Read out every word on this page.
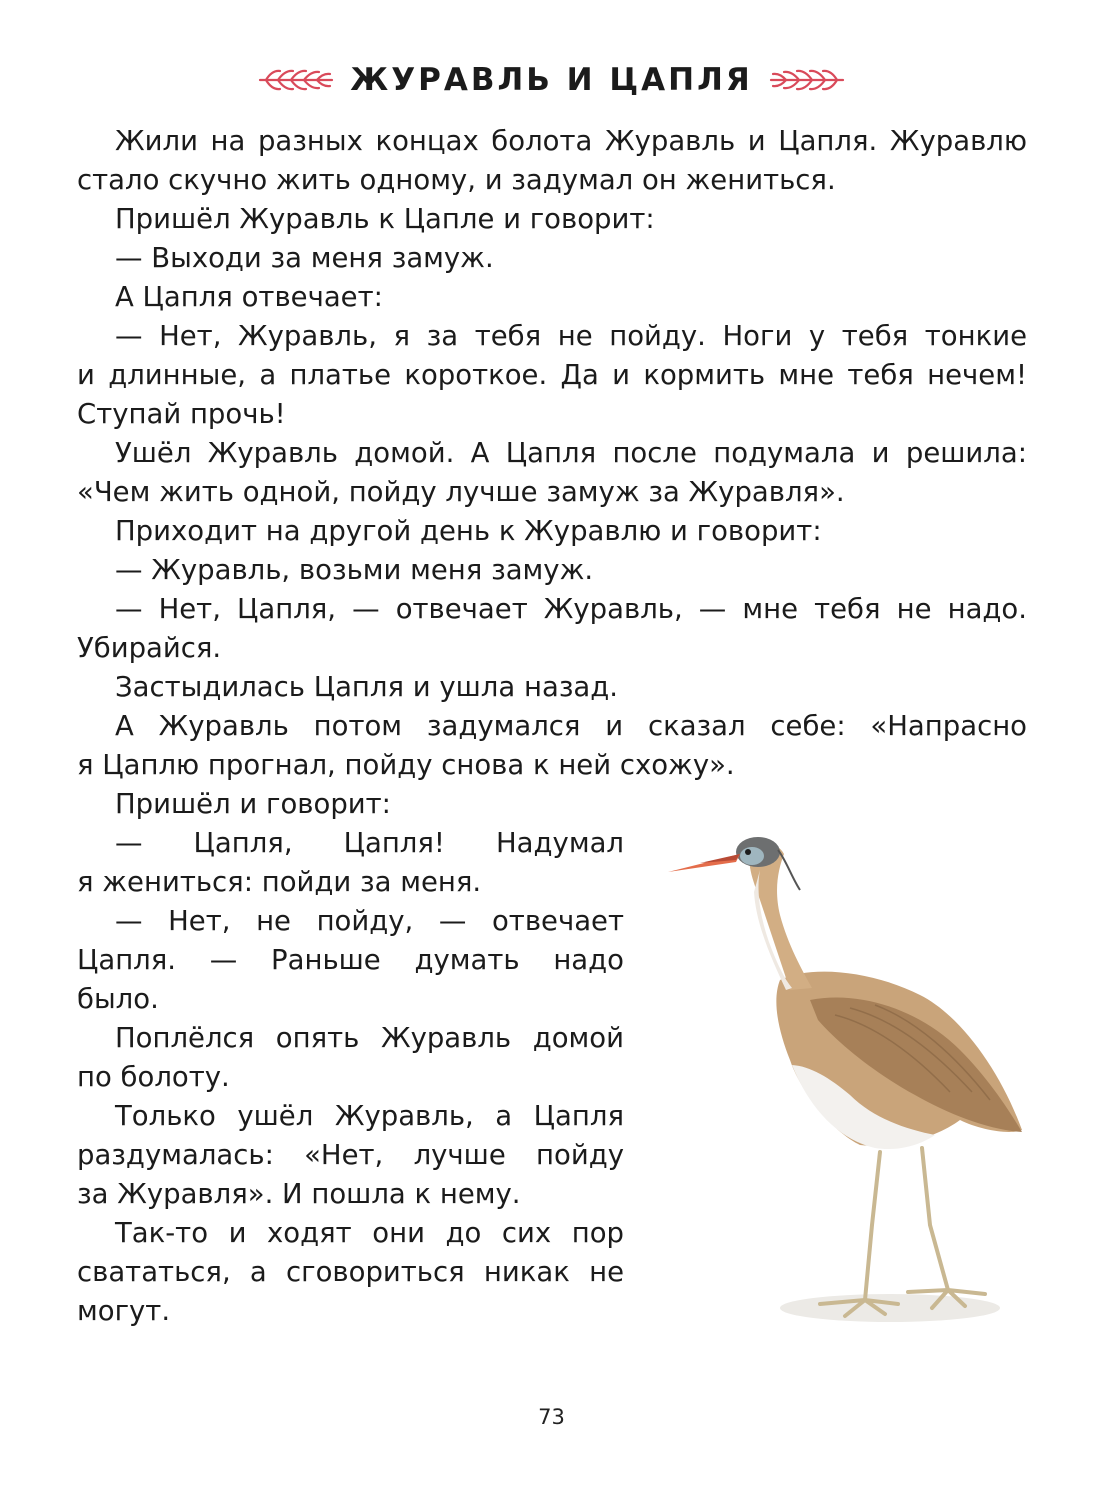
ЖУРАВЛЬ И ЦАПЛЯ
Жили на разных концах болота Журавль и Цапля. Журавлю
стало скучно жить одному, и задумал он жениться.
Пришёл Журавль к Цапле и говорит:
— Выходи за меня замуж.
А Цапля отвечает:
— Нет, Журавль, я за тебя не пойду. Ноги у тебя тонкие
и длинные, а платье короткое. Да и кормить мне тебя нечем!
Ступай прочь!
Ушёл Журавль домой. А Цапля после подумала и решила:
«Чем жить одной, пойду лучше замуж за Журавля».
Приходит на другой день к Журавлю и говорит:
— Журавль, возьми меня замуж.
— Нет, Цапля, — отвечает Журавль, — мне тебя не надо.
Убирайся.
Застыдилась Цапля и ушла назад.
А Журавль потом задумался и сказал себе: «Напрасно
я Цаплю прогнал, пойду снова к ней схожу».
Пришёл и говорит:
— Цапля, Цапля! Надумал
я жениться: пойди за меня.
— Нет, не пойду, — отвечает
Цапля. — Раньше думать надо
было.
Поплёлся опять Журавль домой
по болоту.
Только ушёл Журавль, а Цапля
раздумалась: «Нет, лучше пойду
за Журавля». И пошла к нему.
Так-то и ходят они до сих пор
свататься, а сговориться никак не
могут.
73
